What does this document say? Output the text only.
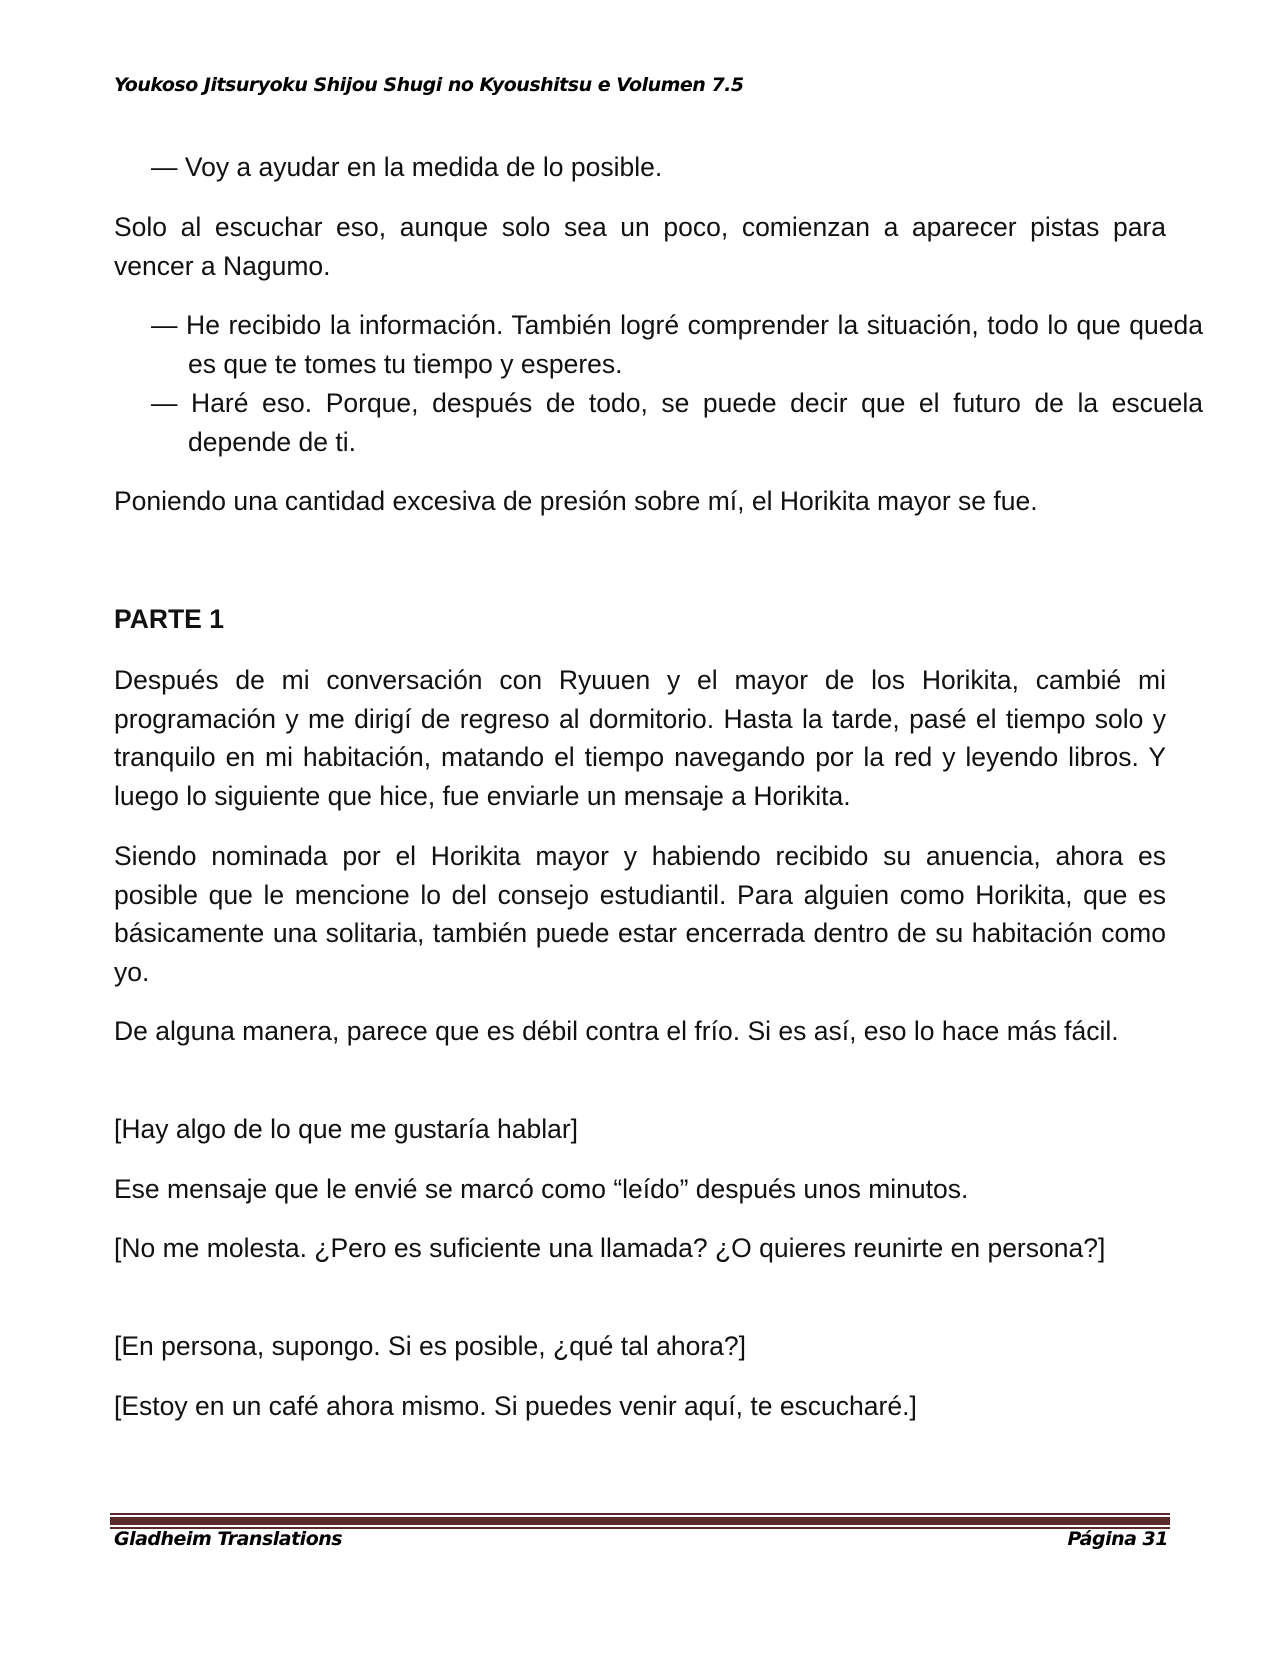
Youkoso Jitsuryoku Shijou Shugi no Kyoushitsu e Volumen 7.5

— Voy a ayudar en la medida de lo posible.

Solo al escuchar eso, aunque solo sea un poco, comienzan a aparecer pistas para vencer a Nagumo.

— He recibido la información. También logré comprender la situación, todo lo que queda es que te tomes tu tiempo y esperes.

— Haré eso. Porque, después de todo, se puede decir que el futuro de la escuela depende de ti.

Poniendo una cantidad excesiva de presión sobre mí, el Horikita mayor se fue.

PARTE 1

Después de mi conversación con Ryuuen y el mayor de los Horikita, cambié mi programación y me dirigí de regreso al dormitorio. Hasta la tarde, pasé el tiempo solo y tranquilo en mi habitación, matando el tiempo navegando por la red y leyendo libros. Y luego lo siguiente que hice, fue enviarle un mensaje a Horikita.

Siendo nominada por el Horikita mayor y habiendo recibido su anuencia, ahora es posible que le mencione lo del consejo estudiantil. Para alguien como Horikita, que es básicamente una solitaria, también puede estar encerrada dentro de su habitación como yo.

De alguna manera, parece que es débil contra el frío. Si es así, eso lo hace más fácil.

[Hay algo de lo que me gustaría hablar]

Ese mensaje que le envié se marcó como “leído” después unos minutos.

[No me molesta. ¿Pero es suficiente una llamada? ¿O quieres reunirte en persona?]

[En persona, supongo. Si es posible, ¿qué tal ahora?]

[Estoy en un café ahora mismo. Si puedes venir aquí, te escucharé.]

Gladheim Translations	Página 31
